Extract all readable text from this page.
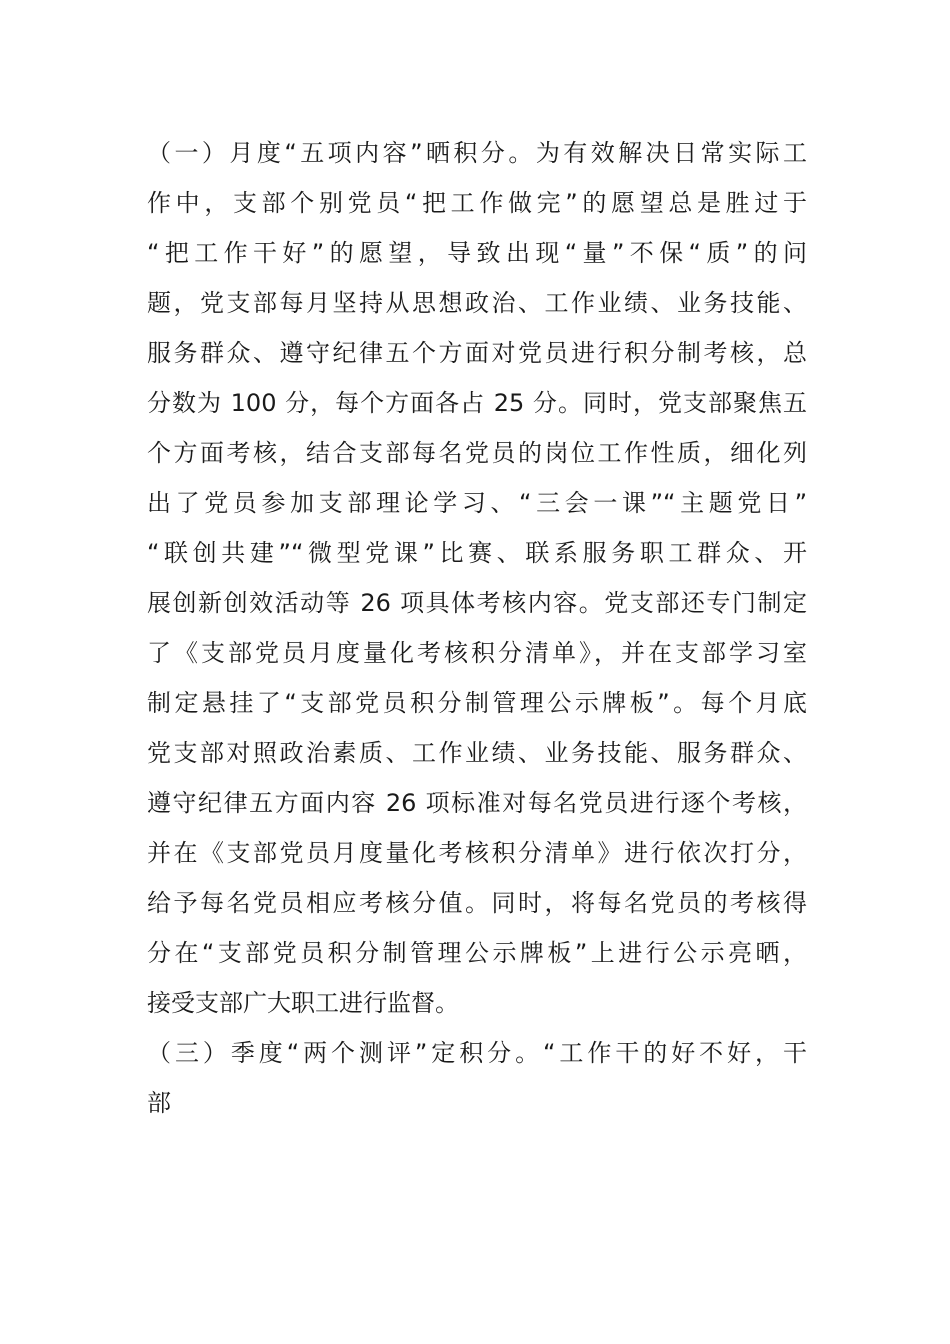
（一）月度“五项内容”晒积分。为有效解决日常实际工
作中，支部个别党员“把工作做完”的愿望总是胜过于
“把工作干好”的愿望，导致出现“量”不保“质”的问
题，党支部每月坚持从思想政治、工作业绩、业务技能、
服务群众、遵守纪律五个方面对党员进行积分制考核，总
分数为 100 分，每个方面各占 25 分。同时，党支部聚焦五
个方面考核，结合支部每名党员的岗位工作性质，细化列
出了党员参加支部理论学习、“三会一课”“主题党日”
“联创共建”“微型党课”比赛、联系服务职工群众、开
展创新创效活动等 26 项具体考核内容。党支部还专门制定
了《支部党员月度量化考核积分清单》，并在支部学习室
制定悬挂了“支部党员积分制管理公示牌板”。每个月底
党支部对照政治素质、工作业绩、业务技能、服务群众、
遵守纪律五方面内容 26 项标准对每名党员进行逐个考核，
并在《支部党员月度量化考核积分清单》进行依次打分，
给予每名党员相应考核分值。同时，将每名党员的考核得
分在“支部党员积分制管理公示牌板”上进行公示亮晒，
接受支部广大职工进行监督。
（三）季度“两个测评”定积分。“工作干的好不好，干
部
